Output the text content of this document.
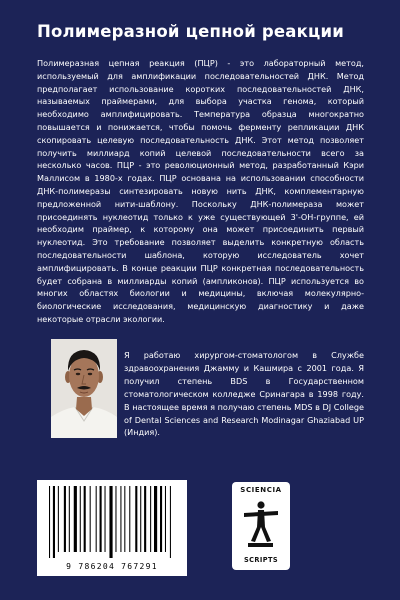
Полимеразной цепной реакции
Полимеразная цепная реакция (ПЦР) - это лабораторный метод, используемый для амплификации последовательностей ДНК. Метод предполагает использование коротких последовательностей ДНК, называемых праймерами, для выбора участка генома, который необходимо амплифицировать. Температура образца многократно повышается и понижается, чтобы помочь ферменту репликации ДНК скопировать целевую последовательность ДНК. Этот метод позволяет получить миллиард копий целевой последовательности всего за несколько часов. ПЦР - это революционный метод, разработанный Кэри Маллисом в 1980-х годах. ПЦР основана на использовании способности ДНК-полимеразы синтезировать новую нить ДНК, комплементарную предложенной нити-шаблону. Поскольку ДНК-полимераза может присоединять нуклеотид только к уже существующей 3'-OH-группе, ей необходим праймер, к которому она может присоединить первый нуклеотид. Это требование позволяет выделить конкретную область последовательности шаблона, которую исследователь хочет амплифицировать. В конце реакции ПЦР конкретная последовательность будет собрана в миллиарды копий (ампликонов). ПЦР используется во многих областях биологии и медицины, включая молекулярно-биологические исследования, медицинскую диагностику и даже некоторые отрасли экологии.
Я работаю хирургом-стоматологом в Службе здравоохранения Джамму и Кашмира с 2001 года. Я получил степень BDS в Государственном стоматологическом колледже Сринагара в 1998 году. В настоящее время я получаю степень MDS в DJ College of Dental Sciences and Research Modinagar Ghaziabad UP (Индия).
9 786204 767291
SCIENCIA
SCRIPTS
